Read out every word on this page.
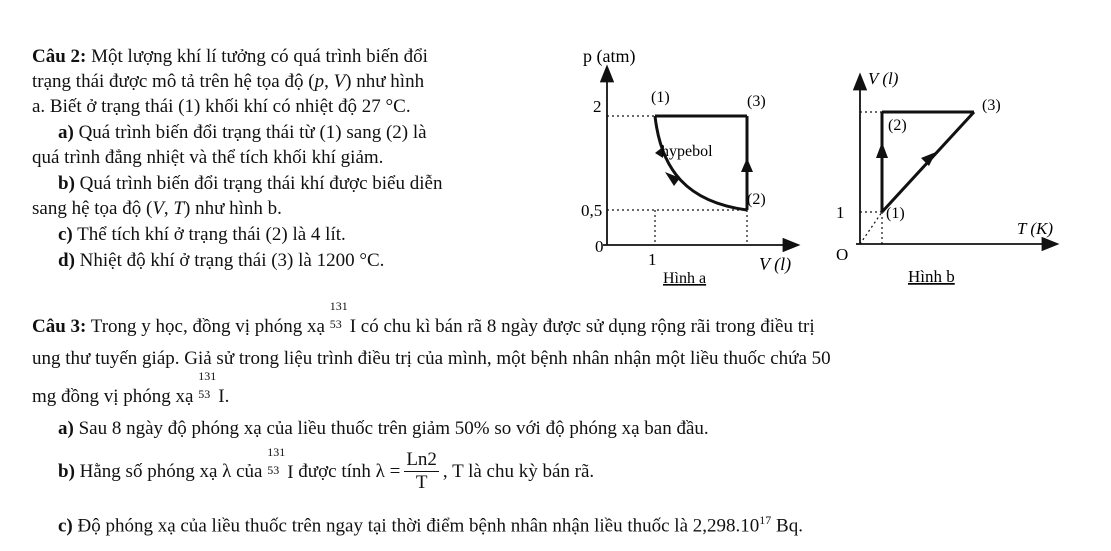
Câu 2: Một lượng khí lí tưởng có quá trình biến đổi
trạng thái được mô tả trên hệ tọa độ (p, V) như hình
a. Biết ở trạng thái (1) khối khí có nhiệt độ 27 °C.
a) Quá trình biến đổi trạng thái từ (1) sang (2) là
quá trình đẳng nhiệt và thể tích khối khí giảm.
b) Quá trình biến đổi trạng thái khí được biểu diễn
sang hệ tọa độ (V, T) như hình b.
c) Thể tích khí ở trạng thái (2) là 4 lít.
d) Nhiệt độ khí ở trạng thái (3) là 1200 °C.
p (atm)
V (l)
2
0,5
0
1
hypebol
(1)	(3)
(2)
Hình a
V (l)
T (K)
O
1
(2)
(3)
(1)
Hình b
Câu 3: Trong y học, đồng vị phóng xạ
131
53 I có chu kì bán rã 8 ngày được sử dụng rộng rãi trong điều trị
ung thư tuyến giáp. Giả sử trong liệu trình điều trị của mình, một bệnh nhân nhận một liều thuốc chứa 50
mg đồng vị phóng xạ
131
53 I .
a) Sau 8 ngày độ phóng xạ của liều thuốc trên giảm 50% so với độ phóng xạ ban đầu.
b) Hằng số phóng xạ λ của

131
53 I được tính $\lambda = \frac{Ln2}{T}$ , T là chu kỳ bán rã.
c) Độ phóng xạ của liều thuốc trên ngay tại thời điểm bệnh nhân nhận liều thuốc là 2,298.10$^{17}$ Bq.
